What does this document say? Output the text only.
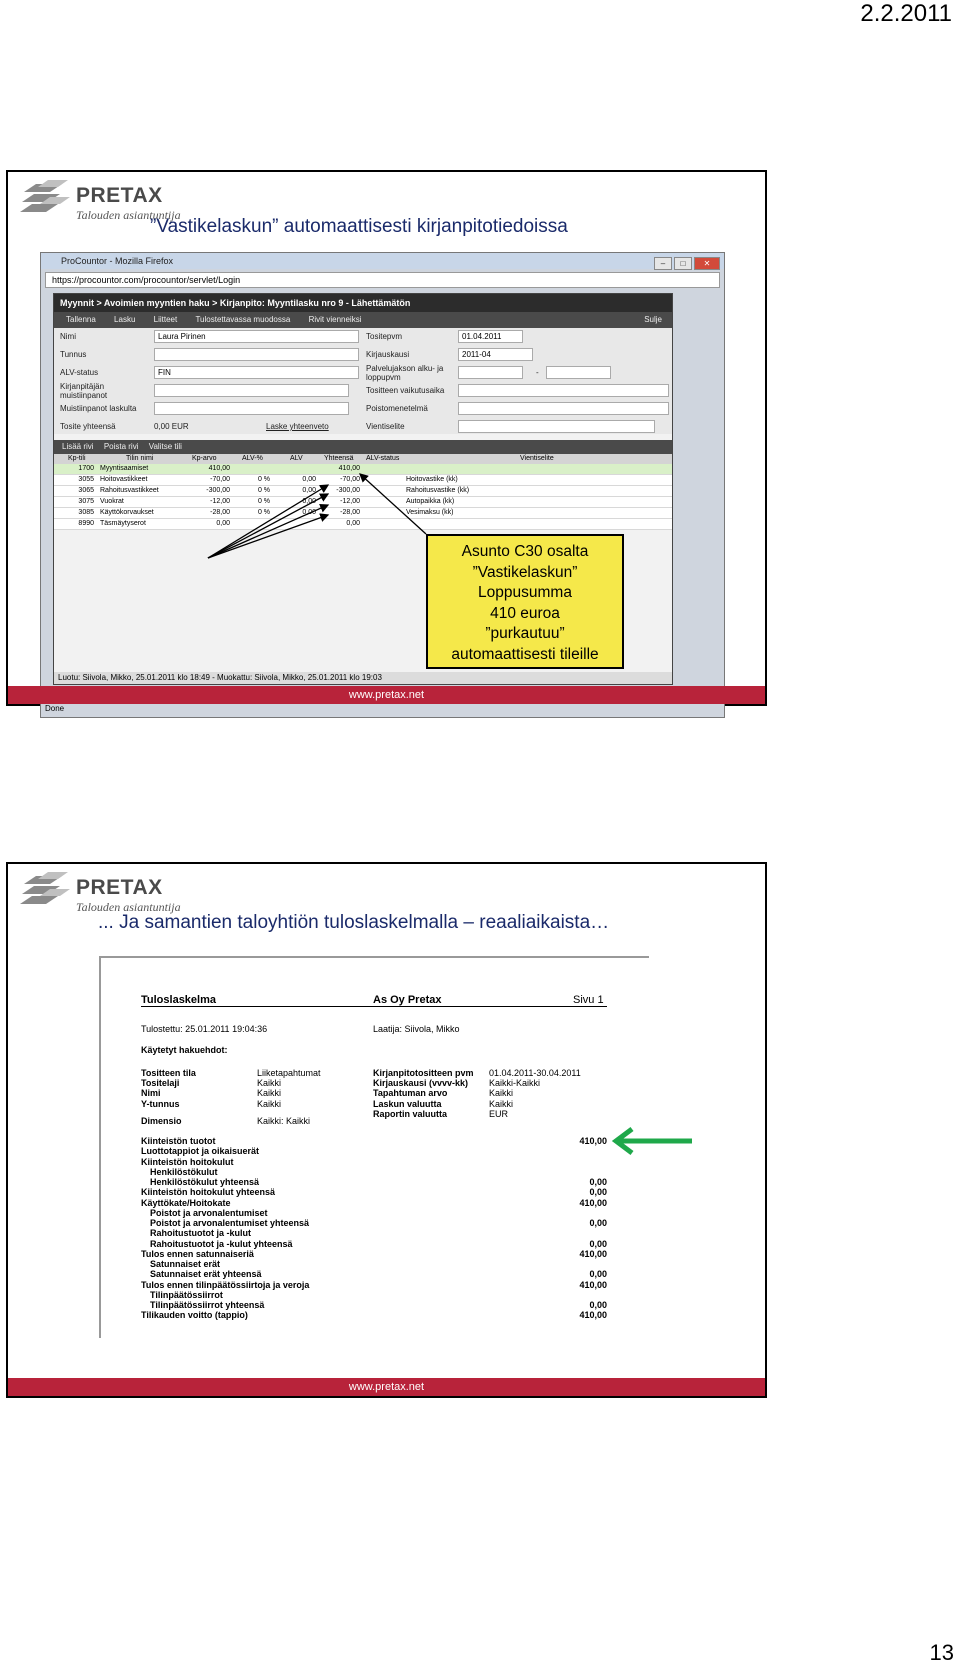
2.2.2011
13
PRETAX
Talouden asiantuntija
”Vastikelaskun” automaattisesti kirjanpitotiedoissa
ProCountor - Mozilla Firefox	– □ ✕
https://procountor.com/procountor/servlet/Login
Myynnit > Avoimien myyntien haku > Kirjanpito: Myyntilasku nro 9 - Lähettämätön
Tallenna Lasku Liitteet Tulostettavassa muodossa Rivit vienneiksi	Sulje
Nimi	Laura Pirinen
Tunnus
ALV-status	FIN
Kirjanpitäjän muistiinpanot
Muistiinpanot laskulta
Tosite yhteensä	0,00 EUR	Laske yhteenveto
Tositepvm	01.04.2011
Kirjauskausi	2011-04
Palvelujakson alku- ja loppupvm
-
Tositteen vaikutusaika
Poistomenetelmä
Vientiselite
Lisää rivi Poista rivi Valitse tili
Kp-tili	Tilin nimi	Kp-arvo	ALV-%	ALV	Yhteensä ALV-status	Vientiselite
1700 Myyntisaamiset	410,00	410,00
3055 Hoitovastikkeet	-70,00	0 %	0,00	-70,00	Hoitovastike (kk)
3065 Rahoitusvastikkeet	-300,00	0 %	0,00	-300,00	Rahoitusvastike (kk)
3075 Vuokrat	-12,00	0 %	0,00	-12,00	Autopaikka (kk)
3085 Käyttökorvaukset	-28,00	0 %	0,00	-28,00	Vesimaksu (kk)
8990 Täsmäytyserot	0,00	0,00
Luotu: Siivola, Mikko, 25.01.2011 klo 18:49 - Muokattu: Siivola, Mikko, 25.01.2011 klo 19:03
Done
Asunto C30 osalta
”Vastikelaskun”
Loppusumma
410 euroa
”purkautuu”
automaattisesti tileille
www.pretax.net
PRETAX
Talouden asiantuntija
... Ja samantien taloyhtiön tuloslaskelmalla – reaaliaikaista…
Tuloslaskelma	As Oy Pretax	Sivu 1
Tulostettu: 25.01.2011 19:04:36	Laatija: Siivola, Mikko
Käytetyt hakuehdot:
Tositteen tila	Liiketapahtumat
Tositelaji	Kaikki
Nimi	Kaikki
Y-tunnus	Kaikki
Kirjanpitotositteen pvm 01.04.2011-30.04.2011
Kirjauskausi (vvvv-kk) Kaikki-Kaikki
Tapahtuman arvo	Kaikki
Laskun valuutta	Kaikki
Raportin valuutta	EUR
Dimensio	Kaikki: Kaikki
Kiinteistön tuotot	410,00
Luottotappiot ja oikaisuerät
Kiinteistön hoitokulut
Henkilöstökulut
Henkilöstökulut yhteensä	0,00
Kiinteistön hoitokulut yhteensä	0,00
Käyttökate/Hoitokate	410,00
Poistot ja arvonalentumiset
Poistot ja arvonalentumiset yhteensä	0,00
Rahoitustuotot ja -kulut
Rahoitustuotot ja -kulut yhteensä	0,00
Tulos ennen satunnaiseriä	410,00
Satunnaiset erät
Satunnaiset erät yhteensä	0,00
Tulos ennen tilinpäätössiirtoja ja veroja	410,00
Tilinpäätössiirrot
Tilinpäätössiirrot yhteensä	0,00
Tilikauden voitto (tappio)	410,00
www.pretax.net
